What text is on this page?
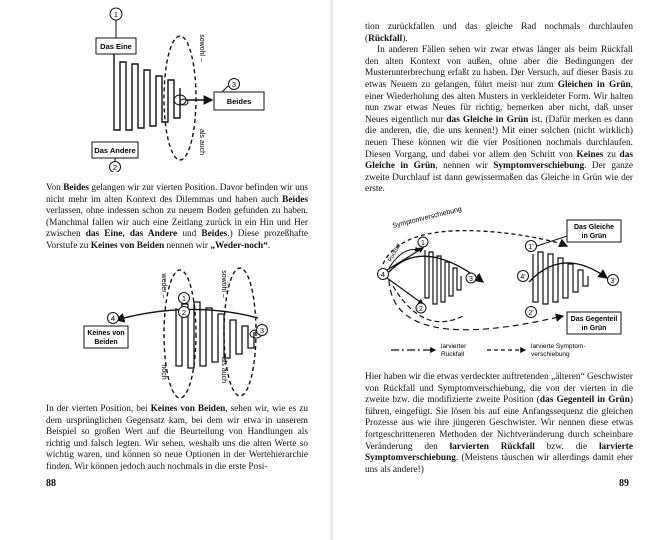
Das Eine
1
Das Andere
2
Beides
3
sowohl –
als auch

Von Beides gelangen wir zur vierten Position. Davor befinden wir uns nicht mehr im alten Kontext des Dilemmas und haben auch Beides verlassen, ohne indessen schon zu neuem Boden gefunden zu haben. (Manchmal fallen wir auch eine Zeitlang zurück in ein Hin und Her zwischen das Eine, das Andere und Beides.) Diese prozeßhafte Vorstufe zu Keines von Beiden nennen wir „Weder-noch“.

Keines von
Beiden
4
1
2
3
weder –
noch
sowohl –
als auch

In der vierten Position, bei Keines von Beiden, sehen wir, wie es zu dem ursprünglichen Gegensatz kam, bei dem wir etwa in unserem Beispiel so großen Wert auf die Beurteilung von Handlungen als richtig und falsch legten. Wir sehen, weshalb uns die alten Werte so wichtig waren, und können so neue Optionen in der Wertehierarchie finden. Wir können jedoch auch nochmals in die erste Posi-

88

tion zurückfallen und das gleiche Rad nochmals durchlaufen (Rückfall).

In anderen Fällen sehen wir zwar etwas länger als beim Rückfall den alten Kontext von außen, ohne aber die Bedingungen der Musterunterbrechung erfaßt zu haben. Der Versuch, auf dieser Basis zu etwas Neuem zu gelangen, führt meist nur zum Gleichen in Grün, einer Wiederholung des alten Musters in verkleideter Form. Wir halten nun zwar etwas Neues für richtig, bemerken aber nicht, daß unser Neues eigentlich nur das Gleiche in Grün ist. (Dafür merken es dann die anderen, die, die uns kennen!) Mit einer solchen (nicht wirklich) neuen These können wir die vier Positionen nochmals durchlaufen. Diesen Vorgang, und dabei vor allem den Schritt von Keines zu das Gleiche in Grün, nennen wir Symptomverschiebung. Der ganze zweite Durchlauf ist dann gewissermaßen das Gleiche in Grün wie der erste.

Symptomverschiebung
Rückfall
4
1
2
3	4'
1'
2'
3'
Das Gleiche
in Grün
Das Gegenteil
in Grün
larvierter
Rückfall
larvierte Symptom-
verschiebung

Hier haben wir die etwas verdeckter auftretenden „älteren“ Geschwister von Rückfall und Symptomverschiebung, die von der vierten in die zweite bzw. die modifizierte zweite Position (das Gegenteil in Grün) führen, eingefügt. Sie lösen bis auf eine Anfangssequenz die gleichen Prozesse aus wie ihre jüngeren Geschwister. Wir nennen diese etwas fortgeschritteneren Methoden der Nichtveränderung durch scheinbare Veränderung den larvierten Rückfall bzw. die larvierte Symptomverschiebung. (Meistens täuschen wir allerdings damit eher uns als andere!)

89
